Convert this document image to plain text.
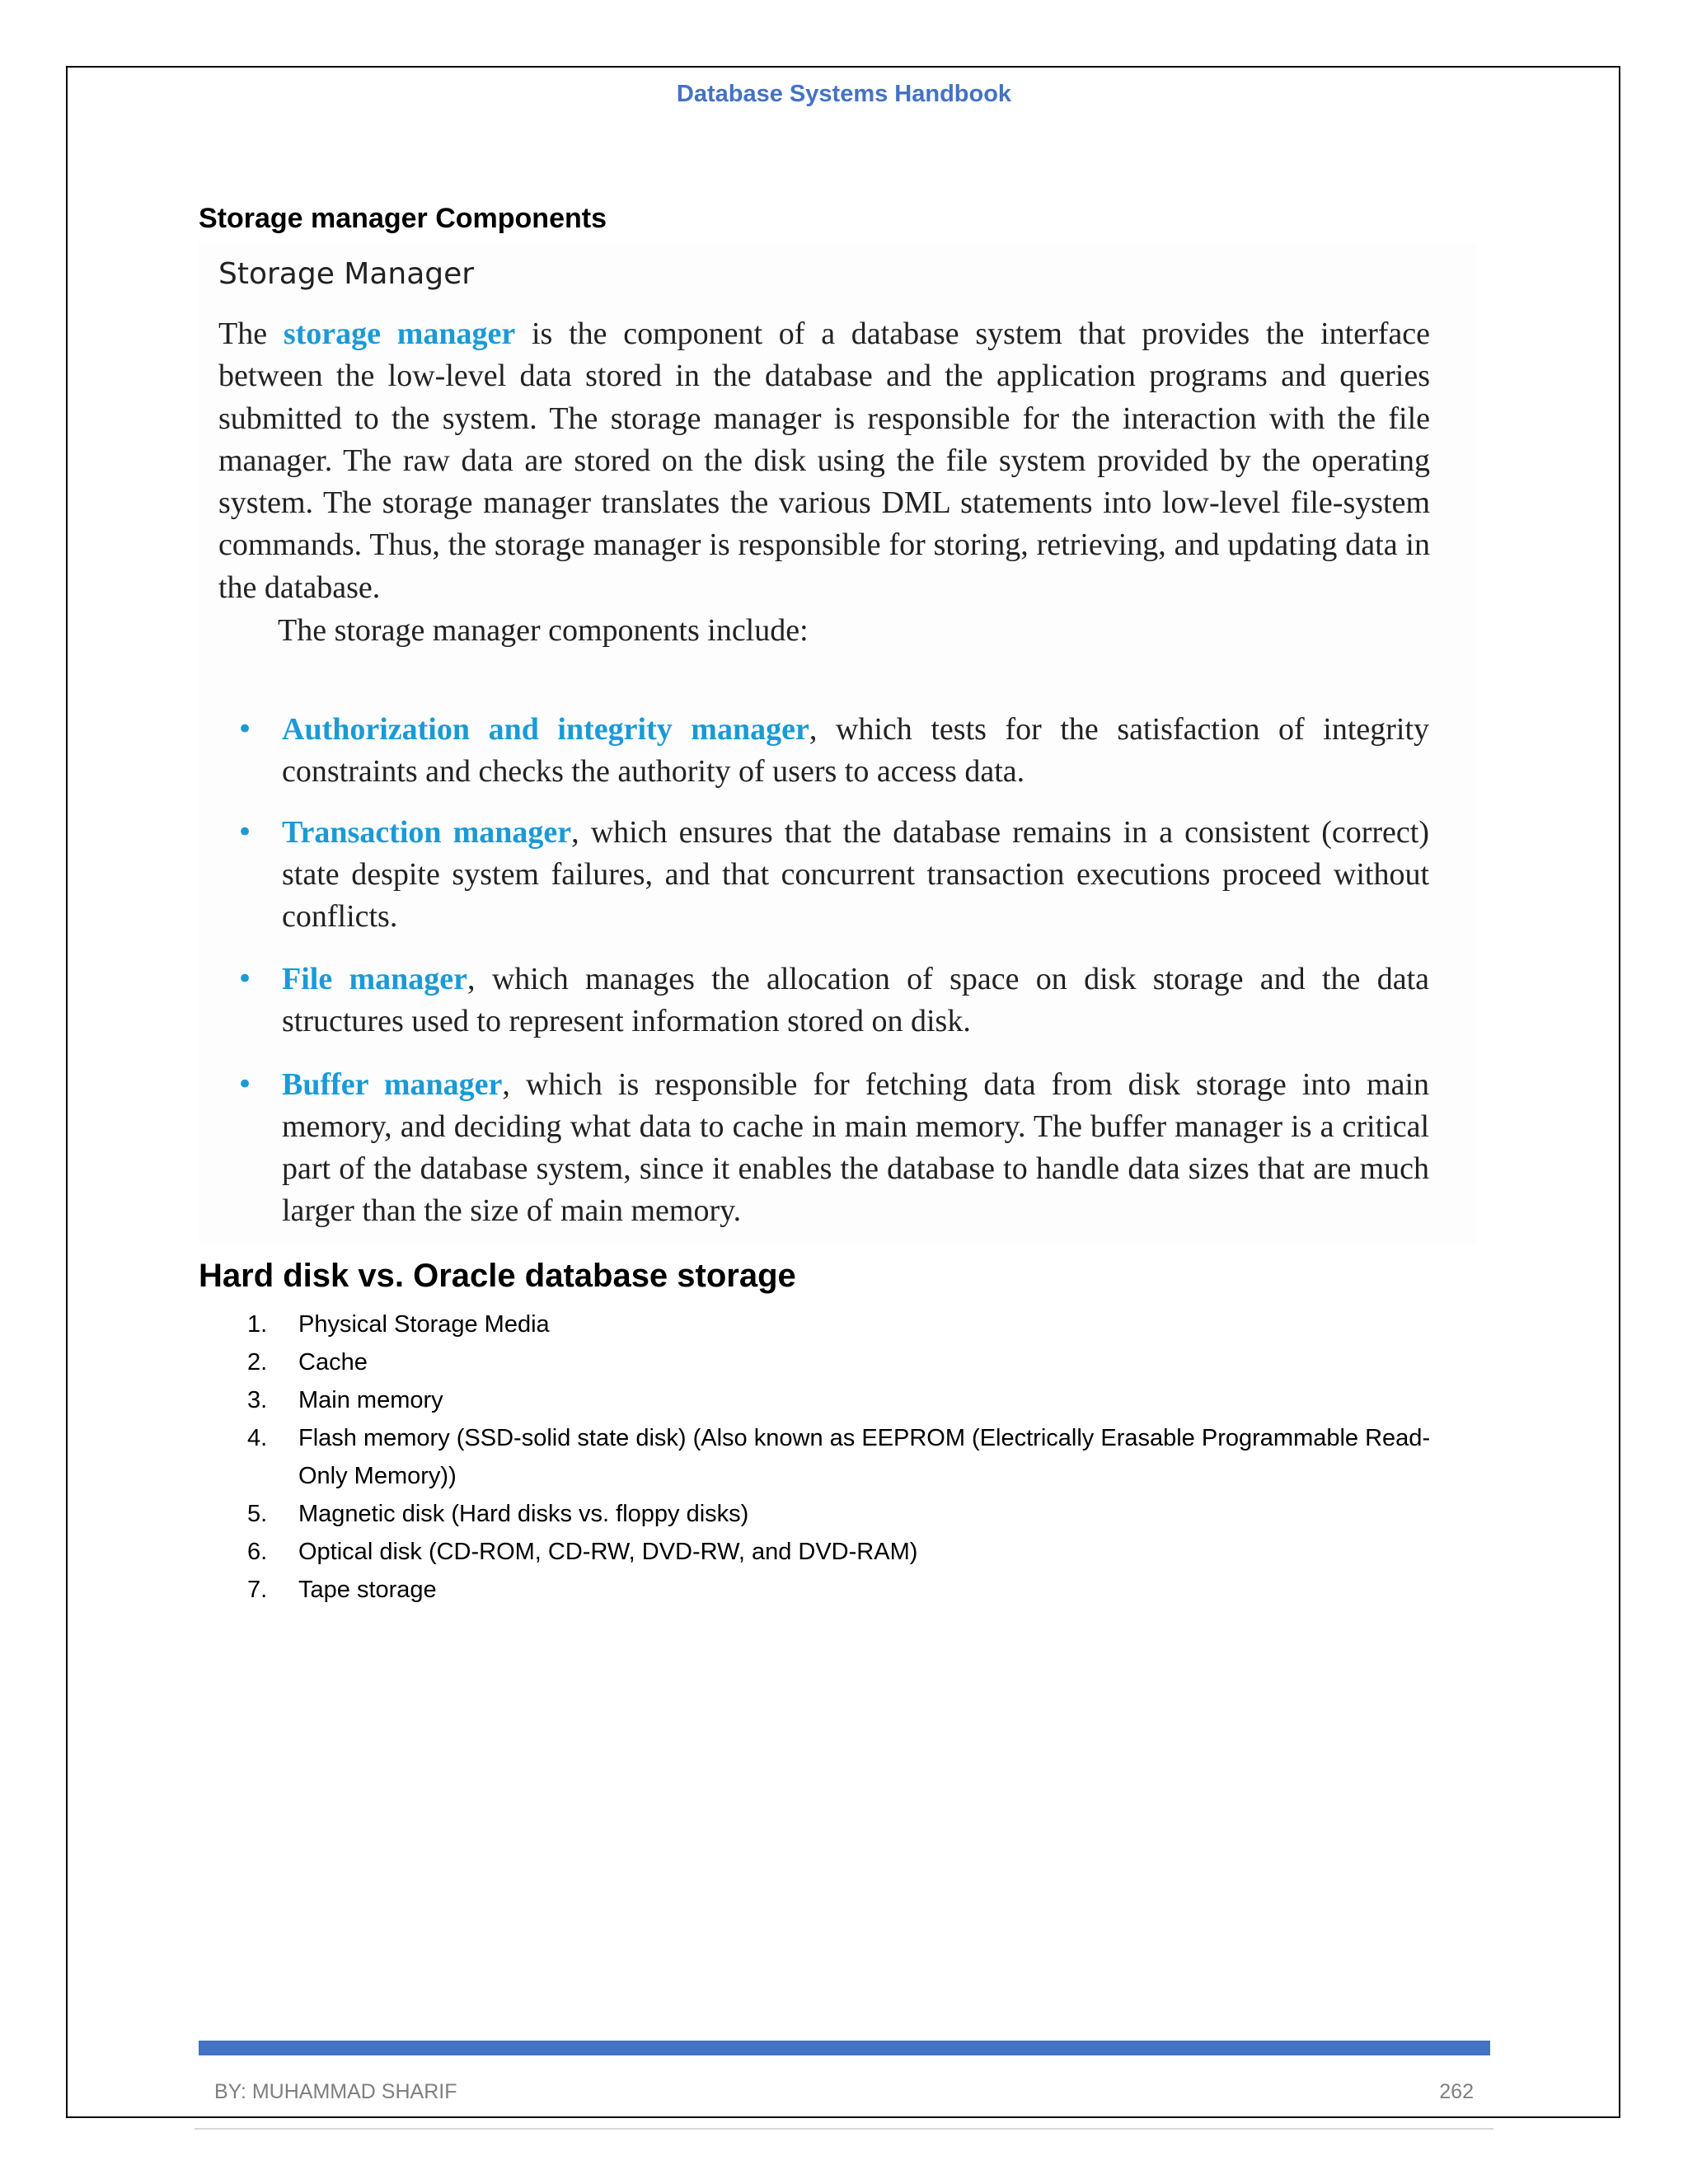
Database Systems Handbook
Storage manager Components
Storage Manager

The storage manager is the component of a database system that provides the interface between the low-level data stored in the database and the application programs and queries submitted to the system. The storage manager is responsible for the interaction with the file manager. The raw data are stored on the disk using the file system provided by the operating system. The storage manager translates the various DML statements into low-level file-system commands. Thus, the storage manager is responsible for storing, retrieving, and updating data in the database.

The storage manager components include:
• Authorization and integrity manager, which tests for the satisfaction of integrity constraints and checks the authority of users to access data.
• Transaction manager, which ensures that the database remains in a consistent (correct) state despite system failures, and that concurrent transaction executions proceed without conflicts.
• File manager, which manages the allocation of space on disk storage and the data structures used to represent information stored on disk.
• Buffer manager, which is responsible for fetching data from disk storage into main memory, and deciding what data to cache in main memory. The buffer manager is a critical part of the database system, since it enables the database to handle data sizes that are much larger than the size of main memory.
Hard disk vs. Oracle database storage
1.	Physical Storage Media
2.	Cache
3.	Main memory
4.	Flash memory (SSD-solid state disk) (Also known as EEPROM (Electrically Erasable Programmable Read-Only Memory))
5.	Magnetic disk (Hard disks vs. floppy disks)
6.	Optical disk (CD-ROM, CD-RW, DVD-RW, and DVD-RAM)
7.	Tape storage
BY: MUHAMMAD SHARIF	262
